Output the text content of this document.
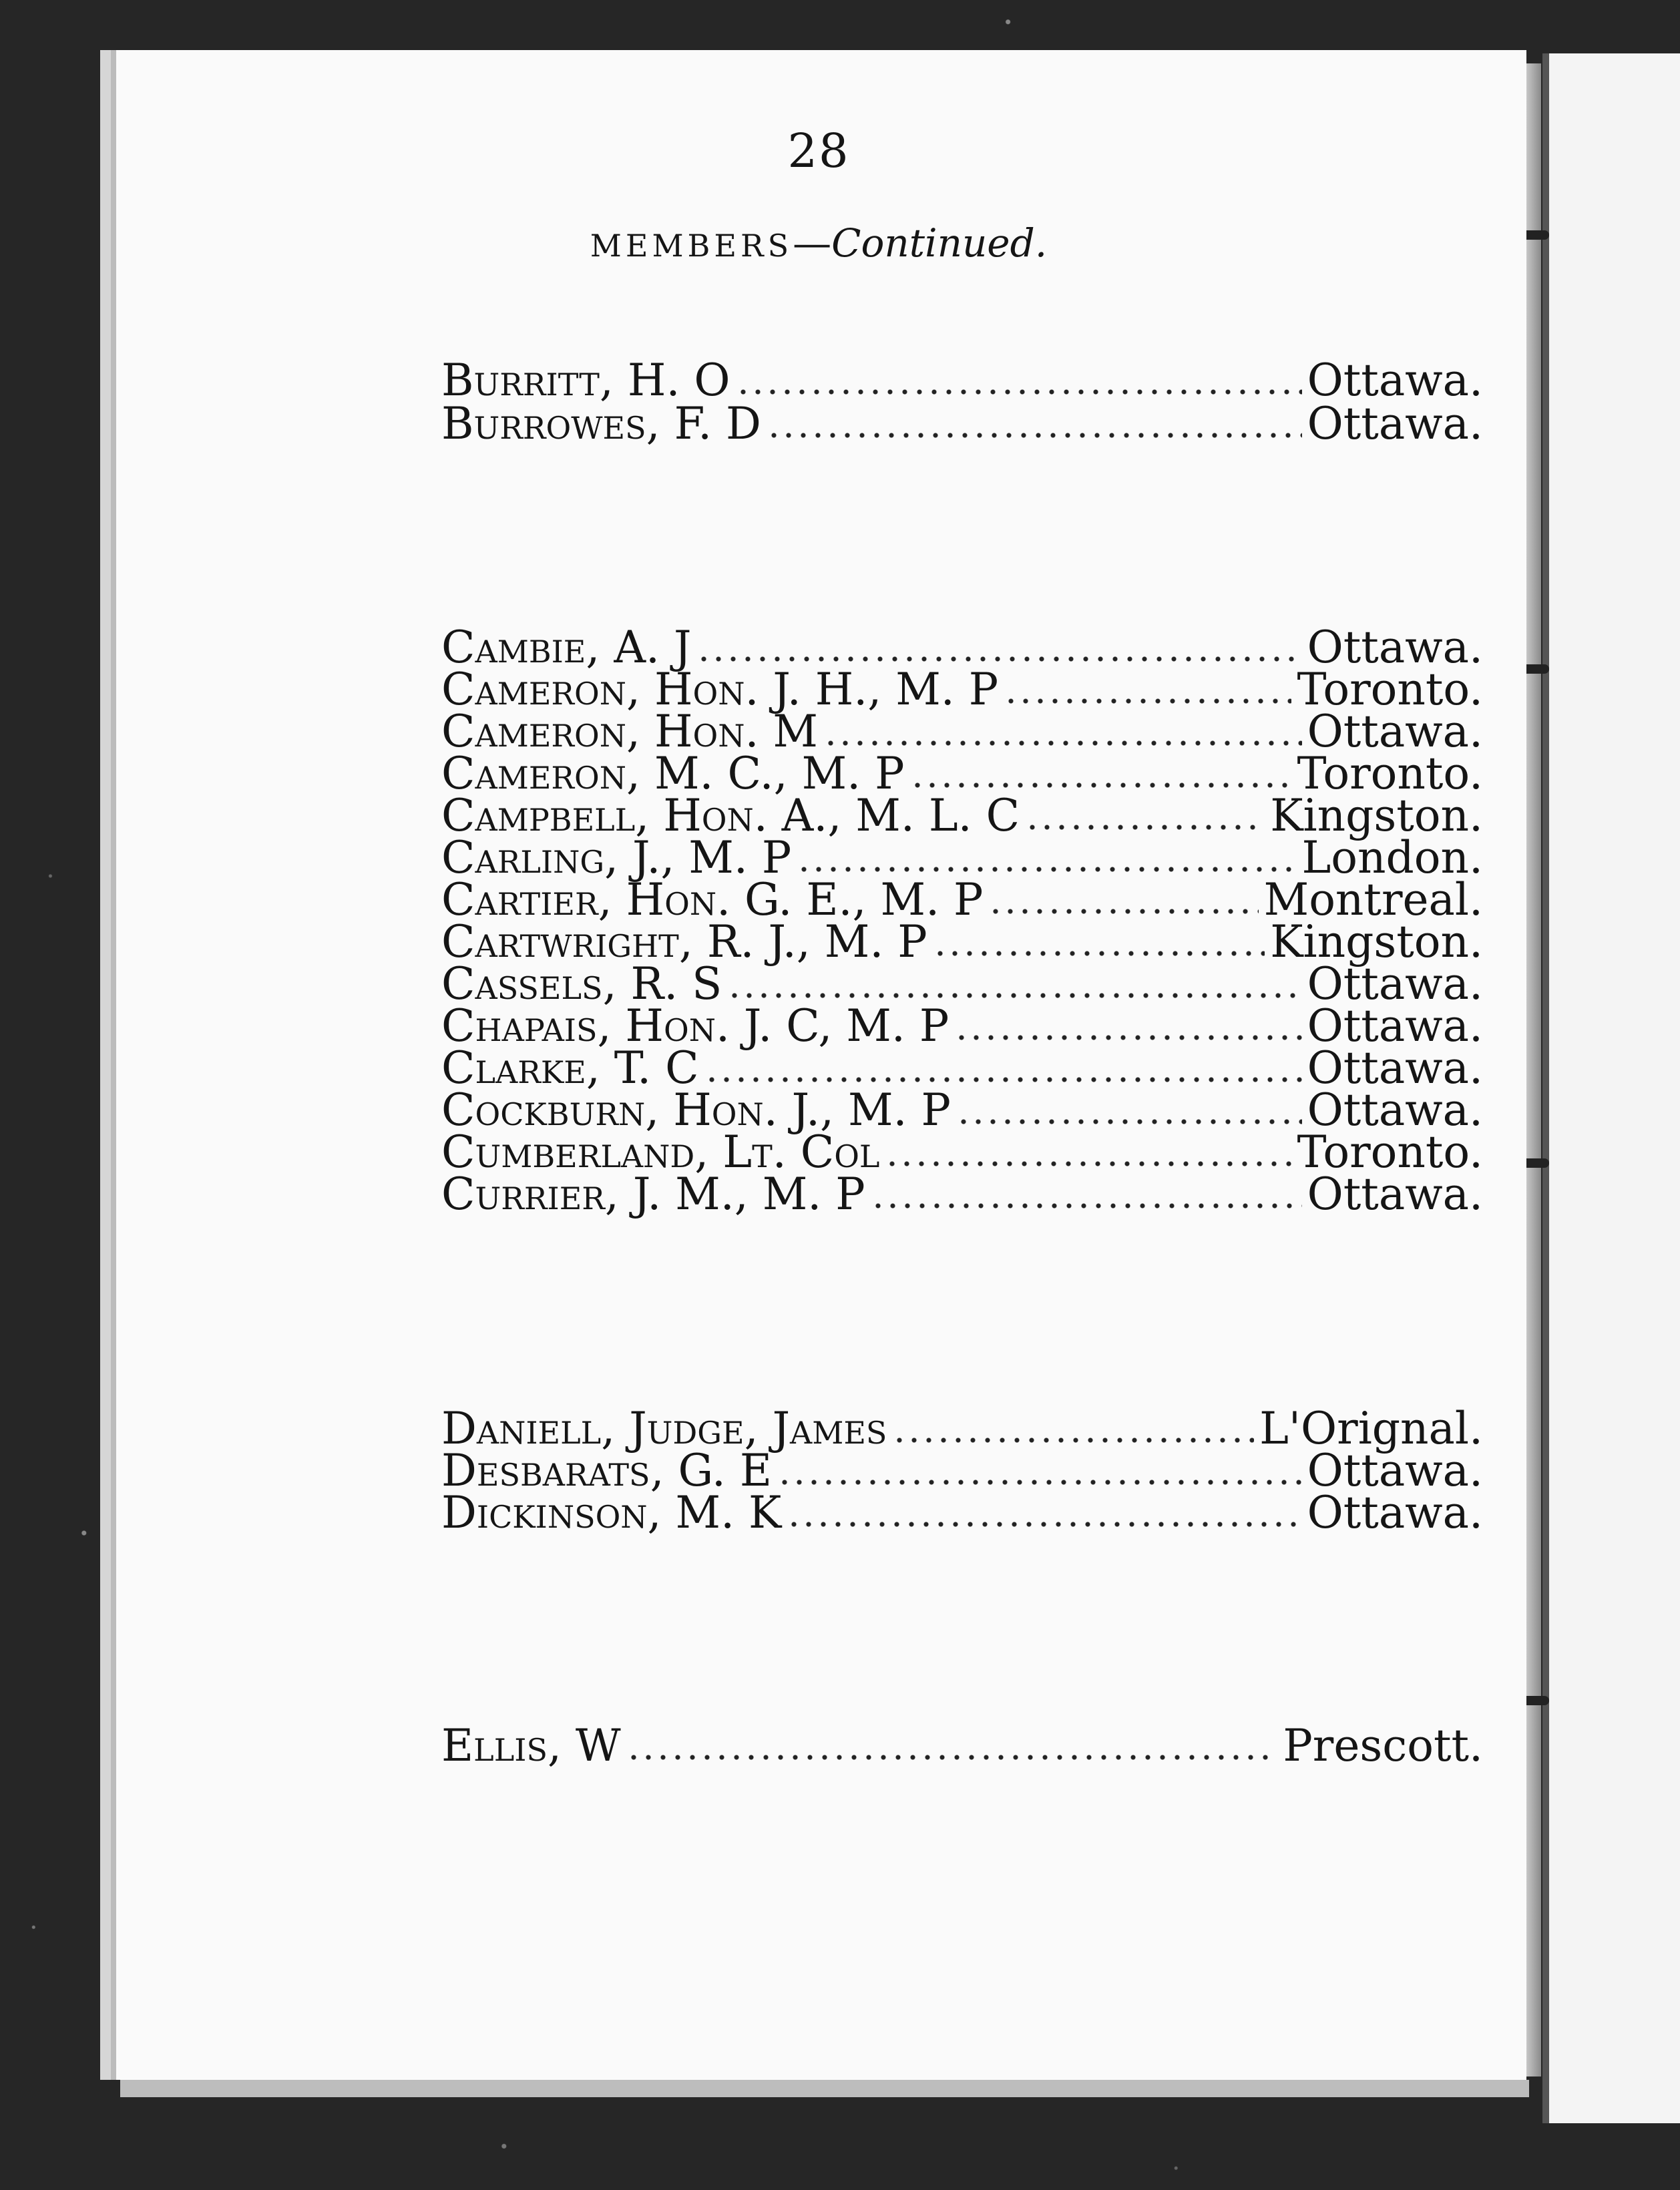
28
MEMBERS—Continued.
Burritt, H. O	Ottawa.
Burrowes, F. D	Ottawa.
Cambie, A. J	Ottawa.
Cameron, Hon. J. H., M. P	Toronto.
Cameron, Hon. M	Ottawa.
Cameron, M. C., M. P	Toronto.
Campbell, Hon. A., M. L. C	Kingston.
Carling, J., M. P	London.
Cartier, Hon. G. E., M. P	Montreal.
Cartwright, R. J., M. P	Kingston.
Cassels, R. S	Ottawa.
Chapais, Hon. J. C, M. P	Ottawa.
Clarke, T. C	Ottawa.
Cockburn, Hon. J., M. P	Ottawa.
Cumberland, Lt. Col	Toronto.
Currier, J. M., M. P	Ottawa.
Daniell, Judge, James	L'Orignal.
Desbarats, G. E	Ottawa.
Dickinson, M. K	Ottawa.
Ellis, W	Prescott.
